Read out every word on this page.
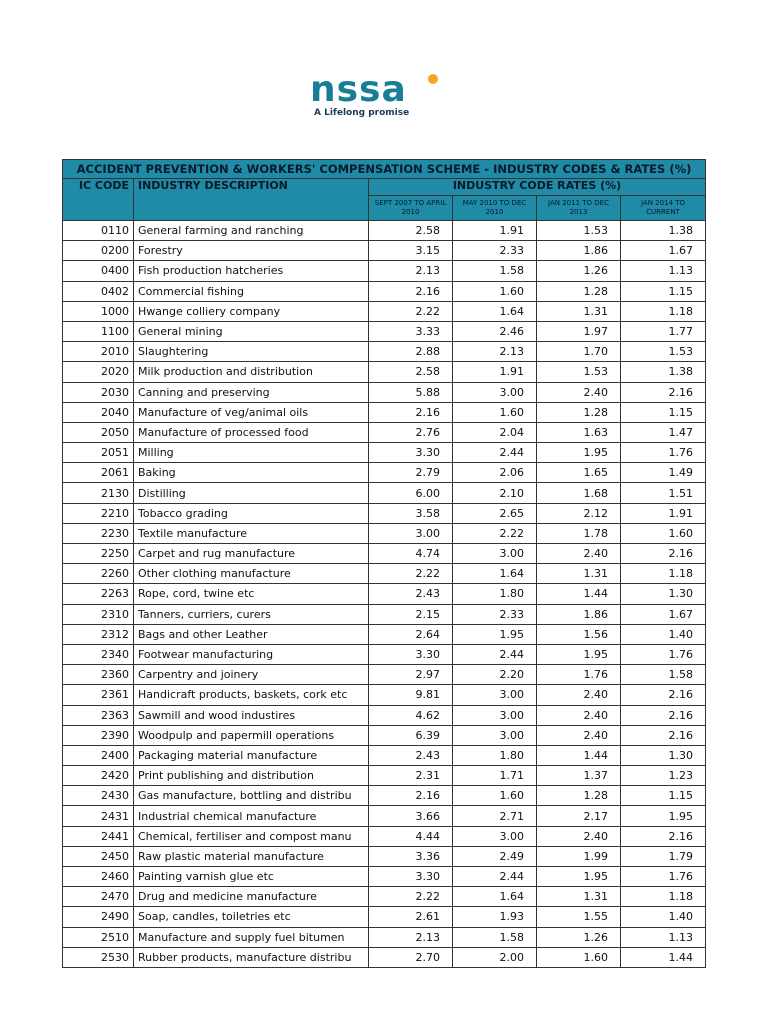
nssa
A Lifelong promise
ACCIDENT PREVENTION & WORKERS' COMPENSATION SCHEME - INDUSTRY CODES & RATES (%)					
IC CODE	INDUSTRY DESCRIPTION	INDUSTRY CODE RATES (%)			
		SEPT 2007 TO APRIL 2010	MAY 2010 TO DEC 2010	JAN 2011 TO DEC 2013	JAN 2014 TO CURRENT
0110	General farming and ranching	2.58	1.91	1.53	1.38
0200	Forestry	3.15	2.33	1.86	1.67
0400	Fish production hatcheries	2.13	1.58	1.26	1.13
0402	Commercial fishing	2.16	1.60	1.28	1.15
1000	Hwange colliery company	2.22	1.64	1.31	1.18
1100	General mining	3.33	2.46	1.97	1.77
2010	Slaughtering	2.88	2.13	1.70	1.53
2020	Milk production and distribution	2.58	1.91	1.53	1.38
2030	Canning and preserving	5.88	3.00	2.40	2.16
2040	Manufacture of veg/animal oils	2.16	1.60	1.28	1.15
2050	Manufacture of processed food	2.76	2.04	1.63	1.47
2051	Milling	3.30	2.44	1.95	1.76
2061	Baking	2.79	2.06	1.65	1.49
2130	Distilling	6.00	2.10	1.68	1.51
2210	Tobacco grading	3.58	2.65	2.12	1.91
2230	Textile manufacture	3.00	2.22	1.78	1.60
2250	Carpet and rug manufacture	4.74	3.00	2.40	2.16
2260	Other clothing manufacture	2.22	1.64	1.31	1.18
2263	Rope, cord, twine etc	2.43	1.80	1.44	1.30
2310	Tanners, curriers, curers	2.15	2.33	1.86	1.67
2312	Bags and other Leather	2.64	1.95	1.56	1.40
2340	Footwear manufacturing	3.30	2.44	1.95	1.76
2360	Carpentry and joinery	2.97	2.20	1.76	1.58
2361	Handicraft products, baskets, cork etc	9.81	3.00	2.40	2.16
2363	Sawmill and wood industires	4.62	3.00	2.40	2.16
2390	Woodpulp and papermill operations	6.39	3.00	2.40	2.16
2400	Packaging material manufacture	2.43	1.80	1.44	1.30
2420	Print publishing and distribution	2.31	1.71	1.37	1.23
2430	Gas manufacture, bottling and distribu	2.16	1.60	1.28	1.15
2431	Industrial chemical manufacture	3.66	2.71	2.17	1.95
2441	Chemical, fertiliser and compost manu	4.44	3.00	2.40	2.16
2450	Raw plastic material manufacture	3.36	2.49	1.99	1.79
2460	Painting varnish glue etc	3.30	2.44	1.95	1.76
2470	Drug and medicine manufacture	2.22	1.64	1.31	1.18
2490	Soap, candles, toiletries etc	2.61	1.93	1.55	1.40
2510	Manufacture and supply fuel bitumen	2.13	1.58	1.26	1.13
2530	Rubber products, manufacture distribu	2.70	2.00	1.60	1.44
